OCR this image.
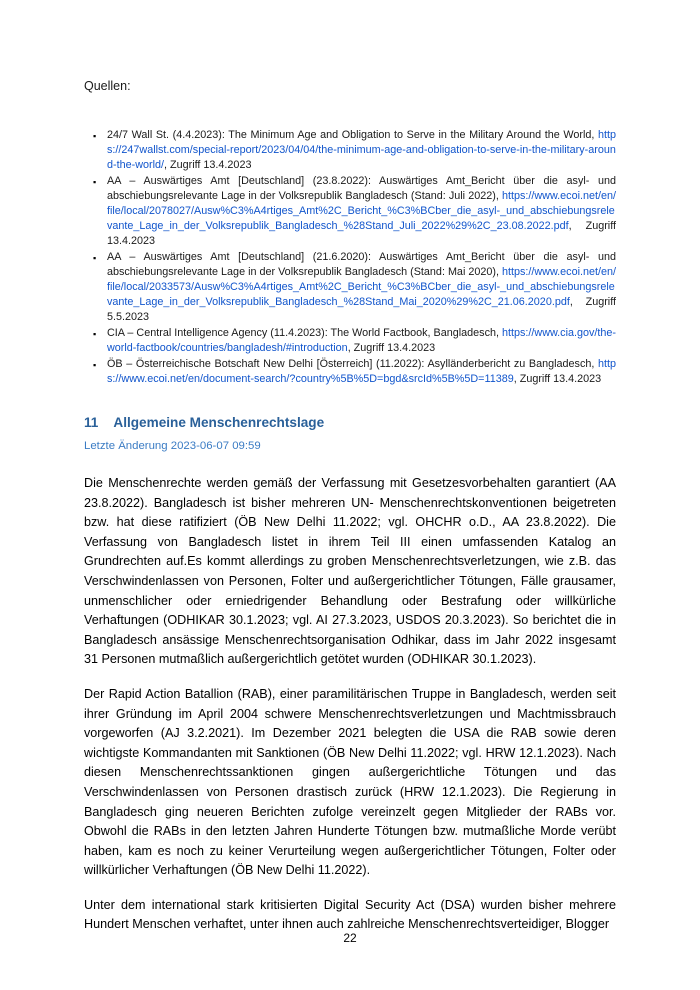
Quellen:
▪ 24/7 Wall St. (4.4.2023): The Minimum Age and Obligation to Serve in the Military Around the World, https://247wallst.com/special-report/2023/04/04/the-minimum-age-and-obligation-to-serve-in-the-military-around-the-world/, Zugriff 13.4.2023
▪ AA – Auswärtiges Amt [Deutschland] (23.8.2022): Auswärtiges Amt_Bericht über die asyl- und abschiebungsrelevante Lage in der Volksrepublik Bangladesch (Stand: Juli 2022), https://www.ecoi.net/en/file/local/2078027/Ausw%C3%A4rtiges_Amt%2C_Bericht_%C3%BCber_die_asyl-_und_abschiebungsrelevante_Lage_in_der_Volksrepublik_Bangladesch_%28Stand_Juli_2022%29%2C_23.08.2022.pdf, Zugriff 13.4.2023
▪ AA – Auswärtiges Amt [Deutschland] (21.6.2020): Auswärtiges Amt_Bericht über die asyl- und abschiebungsrelevante Lage in der Volksrepublik Bangladesch (Stand: Mai 2020), https://www.ecoi.net/en/file/local/2033573/Ausw%C3%A4rtiges_Amt%2C_Bericht_%C3%BCber_die_asyl-_und_abschiebungsrelevante_Lage_in_der_Volksrepublik_Bangladesch_%28Stand_Mai_2020%29%2C_21.06.2020.pdf, Zugriff 5.5.2023
▪ CIA – Central Intelligence Agency (11.4.2023): The World Factbook, Bangladesch, https://www.cia.gov/the-world-factbook/countries/bangladesh/#introduction, Zugriff 13.4.2023
▪ ÖB – Österreichische Botschaft New Delhi [Österreich] (11.2022): Asylländerbericht zu Bangladesch, https://www.ecoi.net/en/document-search/?country%5B%5D=bgd&srcId%5B%5D=11389, Zugriff 13.4.2023
11 Allgemeine Menschenrechtslage
Letzte Änderung 2023-06-07 09:59

Die Menschenrechte werden gemäß der Verfassung mit Gesetzesvorbehalten garantiert (AA 23.8.2022). Bangladesch ist bisher mehreren UN- Menschenrechtskonventionen beigetreten bzw. hat diese ratifiziert (ÖB New Delhi 11.2022; vgl. OHCHR o.D., AA 23.8.2022). Die Verfassung von Bangladesch listet in ihrem Teil III einen umfassenden Katalog an Grundrechten auf.Es kommt allerdings zu groben Menschenrechtsverletzungen, wie z.B. das Verschwindenlassen von Personen, Folter und außergerichtlicher Tötungen, Fälle grausamer, unmenschlicher oder erniedrigender Behandlung oder Bestrafung oder willkürliche Verhaftungen (ODHIKAR 30.1.2023; vgl. AI 27.3.2023, USDOS 20.3.2023). So berichtet die in Bangladesch ansässige Menschenrechtsorganisation Odhikar, dass im Jahr 2022 insgesamt 31 Personen mutmaßlich außergerichtlich getötet wurden (ODHIKAR 30.1.2023).

Der Rapid Action Batallion (RAB), einer paramilitärischen Truppe in Bangladesch, werden seit ihrer Gründung im April 2004 schwere Menschenrechtsverletzungen und Machtmissbrauch vorgeworfen (AJ 3.2.2021). Im Dezember 2021 belegten die USA die RAB sowie deren wichtigste Kommandanten mit Sanktionen (ÖB New Delhi 11.2022; vgl. HRW 12.1.2023). Nach diesen Menschenrechtssanktionen gingen außergerichtliche Tötungen und das Verschwindenlassen von Personen drastisch zurück (HRW 12.1.2023). Die Regierung in Bangladesch ging neueren Berichten zufolge vereinzelt gegen Mitglieder der RABs vor. Obwohl die RABs in den letzten Jahren Hunderte Tötungen bzw. mutmaßliche Morde verübt haben, kam es noch zu keiner Verurteilung wegen außergerichtlicher Tötungen, Folter oder willkürlicher Verhaftungen (ÖB New Delhi 11.2022).

Unter dem international stark kritisierten Digital Security Act (DSA) wurden bisher mehrere Hundert Menschen verhaftet, unter ihnen auch zahlreiche Menschenrechtsverteidiger, Blogger

22
